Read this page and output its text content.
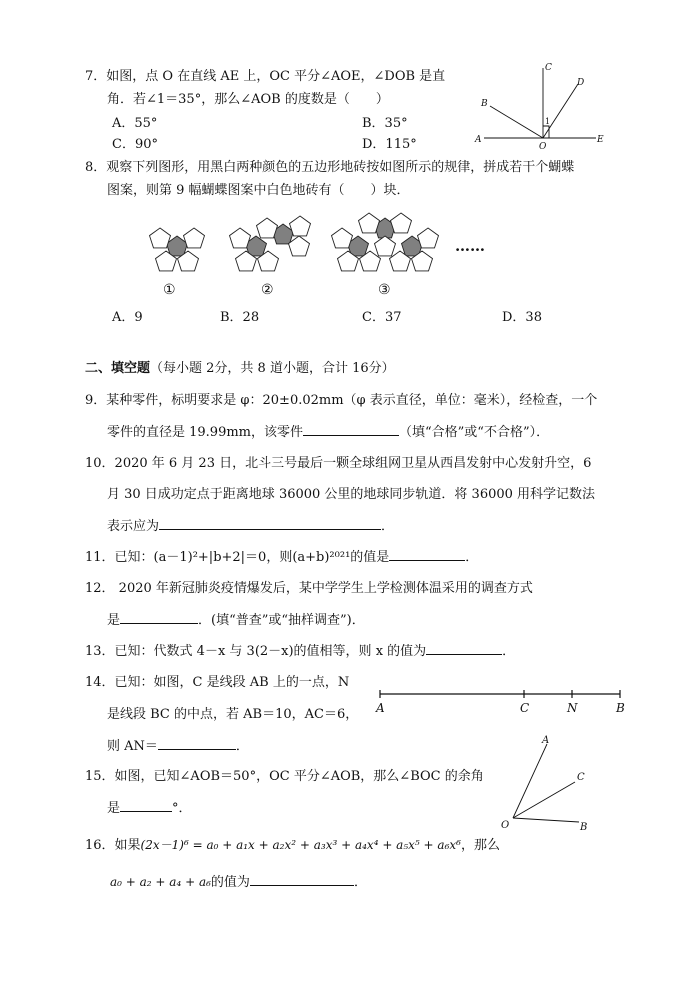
7．如图，点 O 在直线 AE 上，OC 平分∠AOE，∠DOB 是直
角．若∠1＝35°，那么∠AOB 的度数是（　　）
A．55°	B．35°
C．90°	D．115°	A
B
C
D
E
O
1
8．观察下列图形，用黑白两种颜色的五边形地砖按如图所示的规律，拼成若干个蝴蝶
图案，则第 9 幅蝴蝶图案中白色地砖有（　　）块．
……
①	②	③
A．9	B．28	C．37	D．38
二、填空题（每小题 2分，共 8 道小题，合计 16分）
9．某种零件，标明要求是 φ：20±0.02mm（φ 表示直径，单位：毫米），经检查，一个
零件的直径是 19.99mm，该零件	（填“合格”或“不合格”）．
10．2020 年 6 月 23 日，北斗三号最后一颗全球组网卫星从西昌发射中心发射升空，6
月 30 日成功定点于距离地球 36000 公里的地球同步轨道．将 36000 用科学记数法
表示应为	．
11．已知：(a－1)²+|b+2|＝0，则(a+b)²⁰²¹的值是	．
12． 2020 年新冠肺炎疫情爆发后，某中学学生上学检测体温采用的调查方式
是	．(填“普查”或“抽样调查”)．
13．已知：代数式 4－x 与 3(2－x)的值相等，则 x 的值为	．
14．已知：如图，C 是线段 AB 上的一点，N
是线段 BC 的中点，若 AB＝10，AC＝6，
则 AN＝	．
A	C	N	B
15．如图，已知∠AOB＝50°，OC 平分∠AOB，那么∠BOC 的余角
是	°．
A
C
O	B
16．如果(2x－1)⁶ = a₀ + a₁x + a₂x² + a₃x³ + a₄x⁴ + a₅x⁵ + a₆x⁶，那么
a₀ + a₂ + a₄ + a₆的值为	．
